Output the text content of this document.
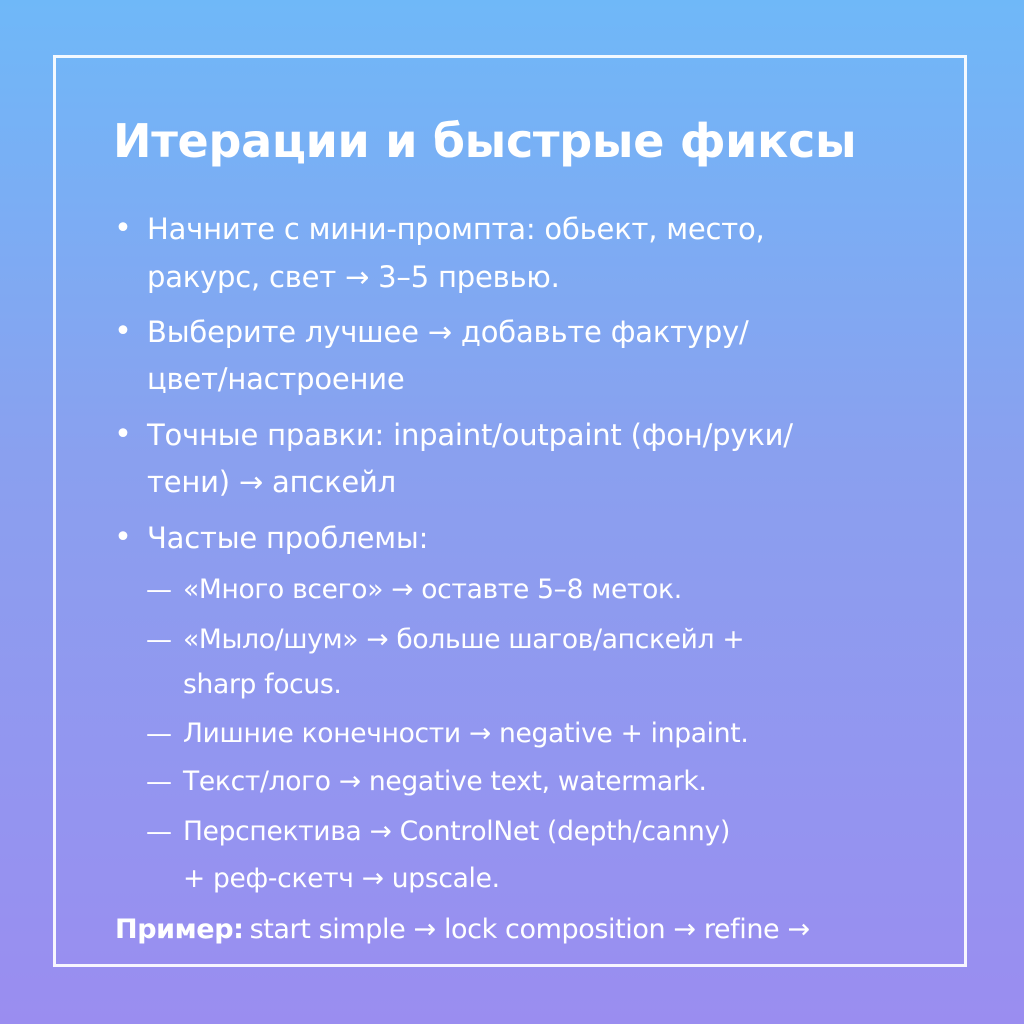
Итерации и быстрые фиксы
• Начните с мини-промпта: обьект, место,
ракурс, свет → 3–5 превью.
• Выберите лучшее → добавьте фактуру/
цвет/настроение
• Точные правки: inpaint/outpaint (фон/руки/
тени) → апскейл
• Частые проблемы:
— «Много всего» → оставте 5–8 меток.
— «Мыло/шум» → больше шагов/апскейл +
sharp focus.
— Лишние конечности → negative + inpaint.
— Текст/лого → negative text, watermark.
— Перспектива → ControlNet (depth/canny)
+ реф-скетч → upscale.
Пример: start simple → lock composition → refine →
